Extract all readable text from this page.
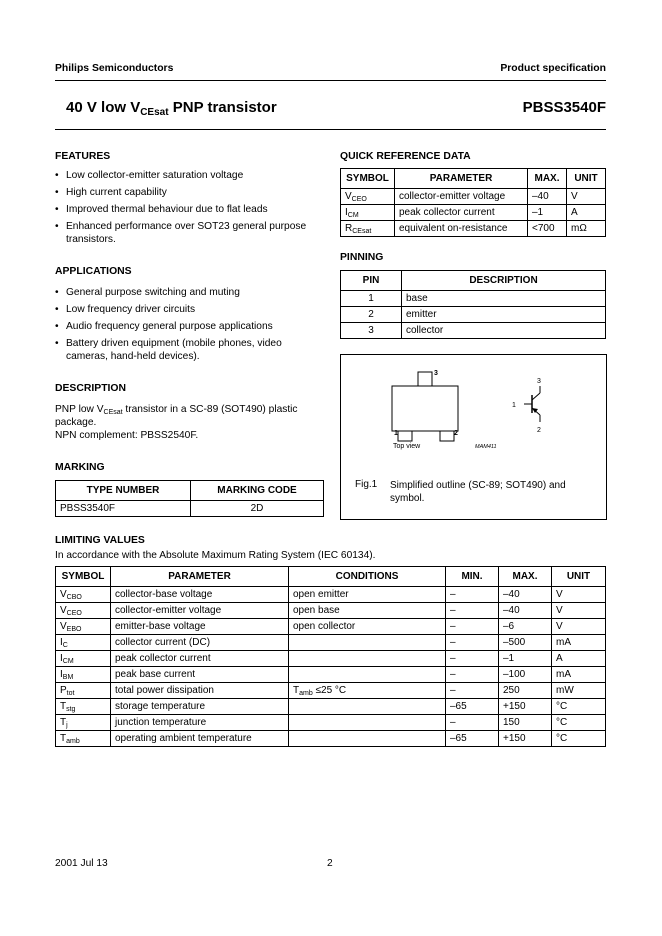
Philips Semiconductors	Product specification
40 V low $V_{CEsat}$ PNP transistor	PBSS3540F
FEATURES
• Low collector-emitter saturation voltage
• High current capability
• Improved thermal behaviour due to flat leads
• Enhanced performance over SOT23 general purpose transistors.
APPLICATIONS
• General purpose switching and muting
• Low frequency driver circuits
• Audio frequency general purpose applications
• Battery driven equipment (mobile phones, video cameras, hand-held devices).
DESCRIPTION
PNP low $V_{CEsat}$ transistor in a SC-89 (SOT490) plastic package.
NPN complement: PBSS2540F.
MARKING
TYPE NUMBER	MARKING CODE
PBSS3540F	2D
QUICK REFERENCE DATA
SYMBOL	PARAMETER	MAX.	UNIT
$V_{CEO}$	collector-emitter voltage	–40	V
$I_{CM}$	peak collector current	–1	A
$R_{CEsat}$	equivalent on-resistance	<700	mΩ
PINNING
PIN	DESCRIPTION
1	base
2	emitter
3	collector
3
1	2
Top view	MAM411
1
2
3
Fig.1 Simplified outline (SC-89; SOT490) and symbol.
LIMITING VALUES
In accordance with the Absolute Maximum Rating System (IEC 60134).
SYMBOL	PARAMETER	CONDITIONS	MIN.	MAX.	UNIT
$V_{CBO}$	collector-base voltage	open emitter	–	–40	V
$V_{CEO}$	collector-emitter voltage	open base	–	–40	V
$V_{EBO}$	emitter-base voltage	open collector	–	–6	V
$I_C$	collector current (DC)		–	–500	mA
$I_{CM}$	peak collector current		–	–1	A
$I_{BM}$	peak base current		–	–100	mA
$P_{tot}$	total power dissipation	$T_{amb} \le 25$ °C	–	250	mW
$T_{stg}$	storage temperature		–65	+150	°C
$T_j$	junction temperature		–	150	°C
$T_{amb}$	operating ambient temperature		–65	+150	°C
2001 Jul 13	2
